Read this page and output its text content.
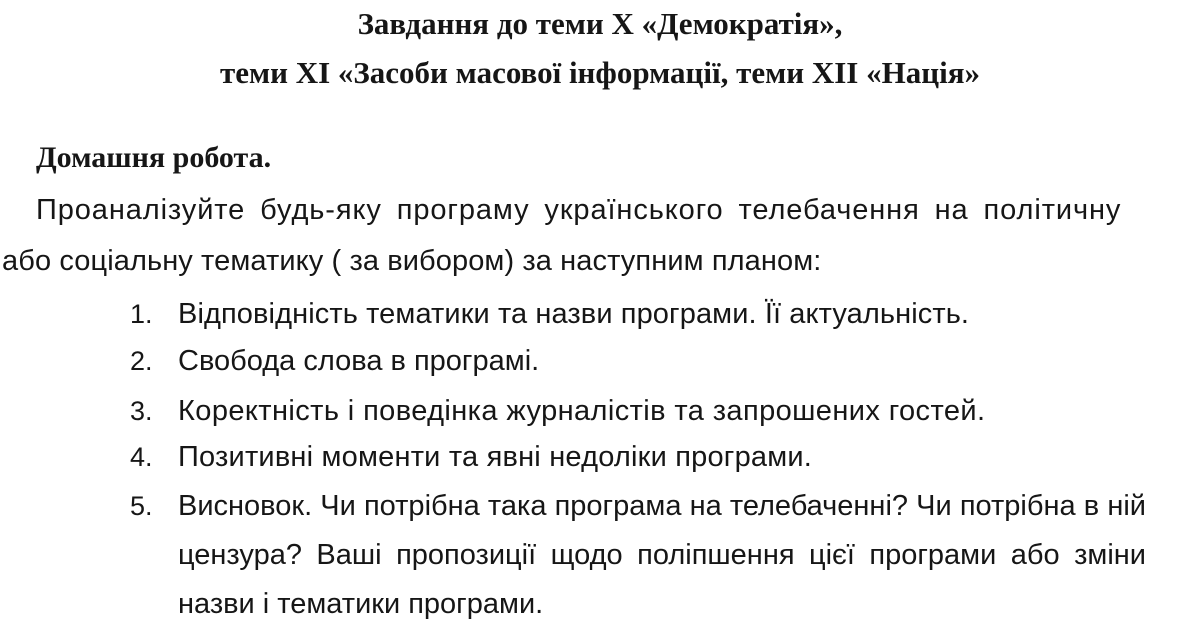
Завдання до теми X «Демократія»,
теми XI «Засоби масової інформації, теми XII «Нація»
Домашня робота.
Проаналізуйте будь-яку програму українського телебачення на політичну
або соціальну тематику ( за вибором) за наступним планом:
1. Відповідність тематики та назви програми. Її актуальність.
2. Свобода слова в програмі.
3. Коректність і поведінка журналістів та запрошених гостей.
4. Позитивні моменти та явні недоліки програми.
5. Висновок. Чи потрібна така програма на телебаченні? Чи потрібна в ній цензура? Ваші пропозиції щодо поліпшення цієї програми або зміни назви і тематики програми.
